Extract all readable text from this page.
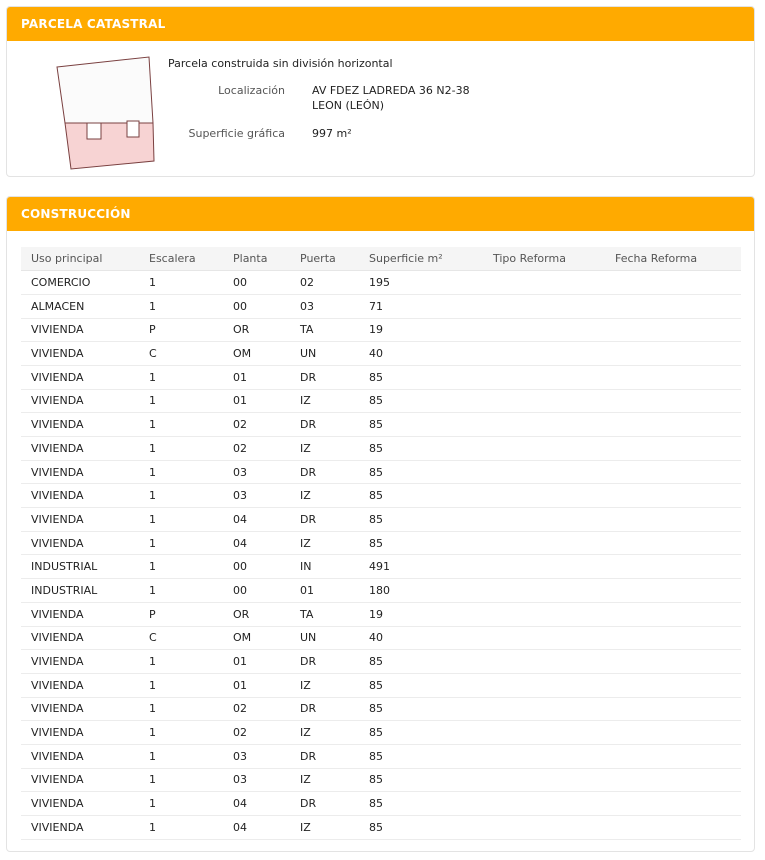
PARCELA CATASTRAL
Parcela construida sin división horizontal
Localización AV FDEZ LADREDA 36 N2-38
LEON (LEÓN)
Superficie gráfica 997 m²
CONSTRUCCIÓN
Uso principal	Escalera	Planta	Puerta	Superficie m²	Tipo Reforma	Fecha Reforma
COMERCIO	1	00	02	195		
ALMACEN	1	00	03	71		
VIVIENDA	P	OR	TA	19		
VIVIENDA	C	OM	UN	40		
VIVIENDA	1	01	DR	85		
VIVIENDA	1	01	IZ	85		
VIVIENDA	1	02	DR	85		
VIVIENDA	1	02	IZ	85		
VIVIENDA	1	03	DR	85		
VIVIENDA	1	03	IZ	85		
VIVIENDA	1	04	DR	85		
VIVIENDA	1	04	IZ	85		
INDUSTRIAL	1	00	IN	491		
INDUSTRIAL	1	00	01	180		
VIVIENDA	P	OR	TA	19		
VIVIENDA	C	OM	UN	40		
VIVIENDA	1	01	DR	85		
VIVIENDA	1	01	IZ	85		
VIVIENDA	1	02	DR	85		
VIVIENDA	1	02	IZ	85		
VIVIENDA	1	03	DR	85		
VIVIENDA	1	03	IZ	85		
VIVIENDA	1	04	DR	85		
VIVIENDA	1	04	IZ	85		
